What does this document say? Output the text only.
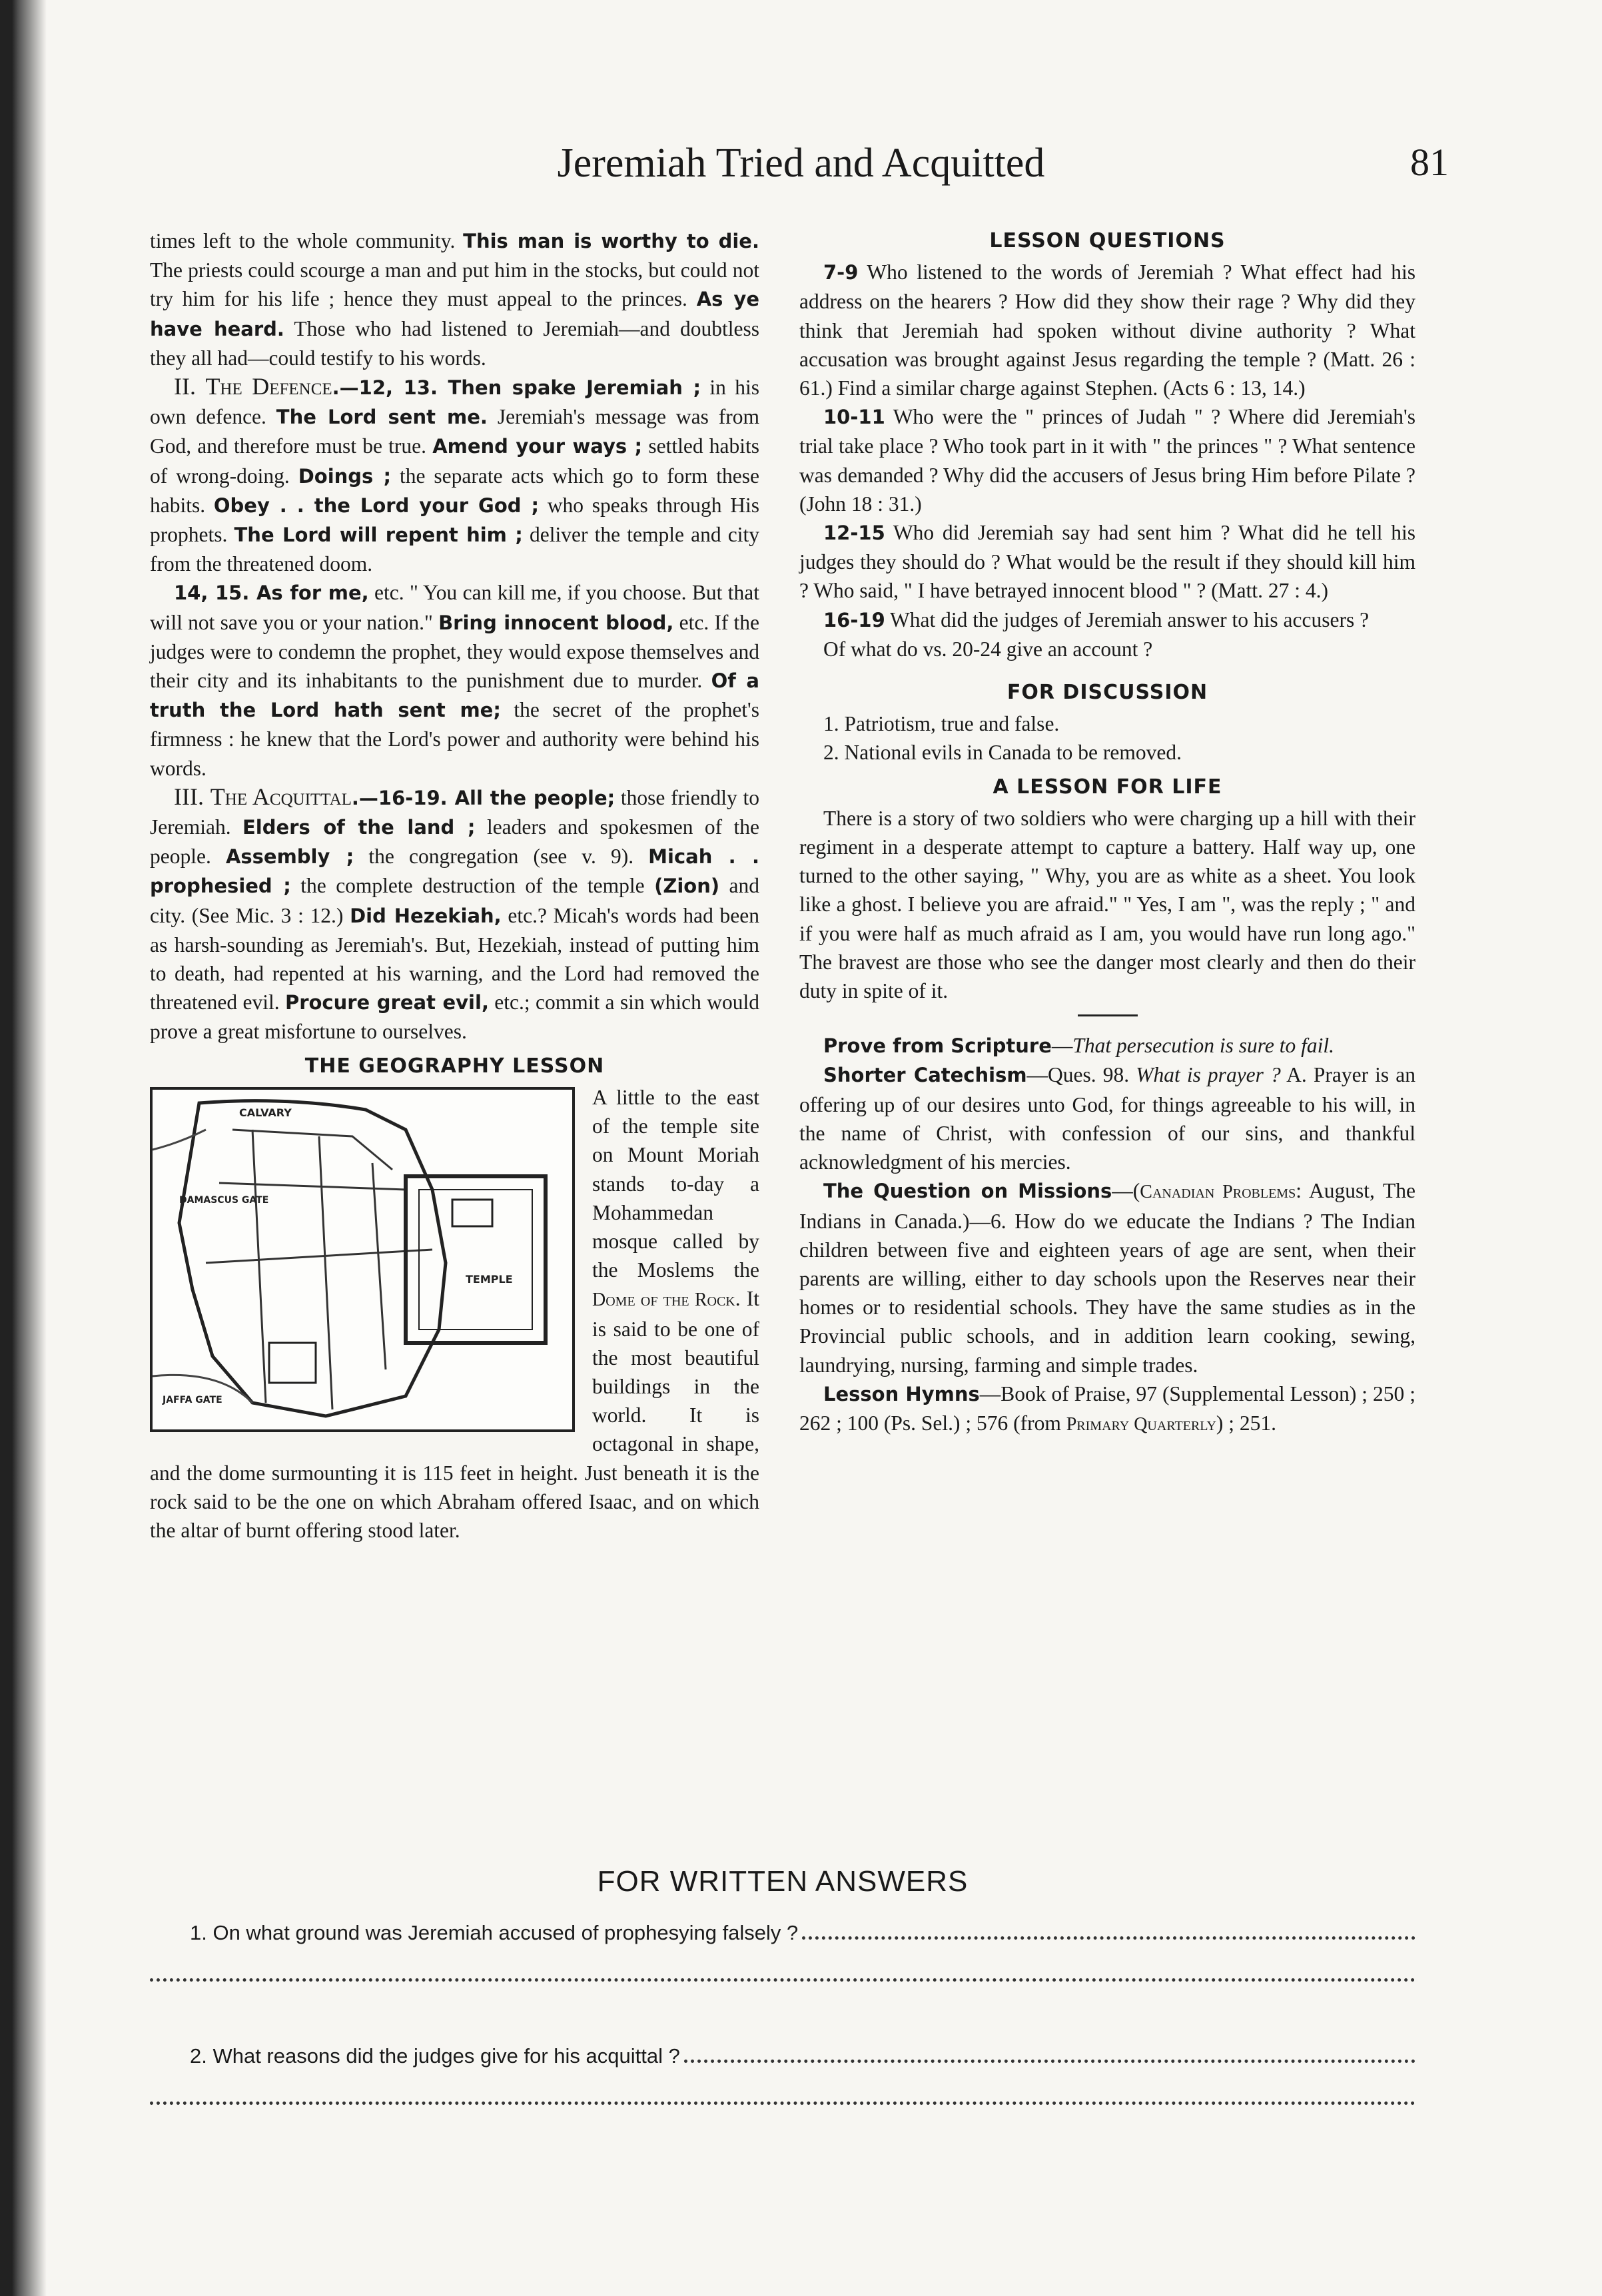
Jeremiah Tried and Acquitted	81

times left to the whole community. This man is worthy to die. The priests could scourge a man and put him in the stocks, but could not try him for his life ; hence they must appeal to the princes. As ye have heard. Those who had listened to Jeremiah—and doubtless they all had—could testify to his words.

II. The Defence.—12, 13. Then spake Jeremiah ; in his own defence. The Lord sent me. Jeremiah's message was from God, and therefore must be true. Amend your ways ; settled habits of wrong-doing. Doings ; the separate acts which go to form these habits. Obey . . the Lord your God ; who speaks through His prophets. The Lord will repent him ; deliver the temple and city from the threatened doom.

14, 15. As for me, etc. " You can kill me, if you choose. But that will not save you or your nation." Bring innocent blood, etc. If the judges were to condemn the prophet, they would expose themselves and their city and its inhabitants to the punishment due to murder. Of a truth the Lord hath sent me; the secret of the prophet's firmness : he knew that the Lord's power and authority were behind his words.

III. The Acquittal.—16-19. All the people; those friendly to Jeremiah. Elders of the land ; leaders and spokesmen of the people. Assembly ; the congregation (see v. 9). Micah . . prophesied ; the complete destruction of the temple (Zion) and city. (See Mic. 3 : 12.) Did Hezekiah, etc.? Micah's words had been as harsh-sounding as Jeremiah's. But, Hezekiah, instead of putting him to death, had repented at his warning, and the Lord had removed the threatened evil. Procure great evil, etc.; commit a sin which would prove a great misfortune to ourselves.

THE GEOGRAPHY LESSON
CALVARY
DAMASCUS GATE
TEMPLE
JAFFA GATE

A little to the east of the temple site on Mount Moriah stands to-day a Mohammedan mosque called by the Moslems the Dome of the Rock. It is said to be one of the most beautiful buildings in the world. It is octagonal in shape, and the dome surmounting it is 115 feet in height. Just beneath it is the rock said to be the one on which Abraham offered Isaac, and on which the altar of burnt offering stood later.

LESSON QUESTIONS

7-9 Who listened to the words of Jeremiah ? What effect had his address on the hearers ? How did they show their rage ? Why did they think that Jeremiah had spoken without divine authority ? What accusation was brought against Jesus regarding the temple ? (Matt. 26 : 61.) Find a similar charge against Stephen. (Acts 6 : 13, 14.)

10-11 Who were the " princes of Judah " ? Where did Jeremiah's trial take place ? Who took part in it with " the princes " ? What sentence was demanded ? Why did the accusers of Jesus bring Him before Pilate ? (John 18 : 31.)

12-15 Who did Jeremiah say had sent him ? What did he tell his judges they should do ? What would be the result if they should kill him ? Who said, " I have betrayed innocent blood " ? (Matt. 27 : 4.)

16-19 What did the judges of Jeremiah answer to his accusers ?

Of what do vs. 20-24 give an account ?

FOR DISCUSSION

1. Patriotism, true and false.

2. National evils in Canada to be removed.

A LESSON FOR LIFE

There is a story of two soldiers who were charging up a hill with their regiment in a desperate attempt to capture a battery. Half way up, one turned to the other saying, " Why, you are as white as a sheet. You look like a ghost. I believe you are afraid." " Yes, I am ", was the reply ; " and if you were half as much afraid as I am, you would have run long ago." The bravest are those who see the danger most clearly and then do their duty in spite of it.

Prove from Scripture—That persecution is sure to fail.

Shorter Catechism—Ques. 98. What is prayer ? A. Prayer is an offering up of our desires unto God, for things agreeable to his will, in the name of Christ, with confession of our sins, and thankful acknowledgment of his mercies.

The Question on Missions—(Canadian Problems: August, The Indians in Canada.)—6. How do we educate the Indians ? The Indian children between five and eighteen years of age are sent, when their parents are willing, either to day schools upon the Reserves near their homes or to residential schools. They have the same studies as in the Provincial public schools, and in addition learn cooking, sewing, laundrying, nursing, farming and simple trades.

Lesson Hymns—Book of Praise, 97 (Supplemental Lesson) ; 250 ; 262 ; 100 (Ps. Sel.) ; 576 (from Primary Quarterly) ; 251.

FOR WRITTEN ANSWERS
1. On what ground was Jeremiah accused of prophesying falsely ?
2. What reasons did the judges give for his acquittal ?
